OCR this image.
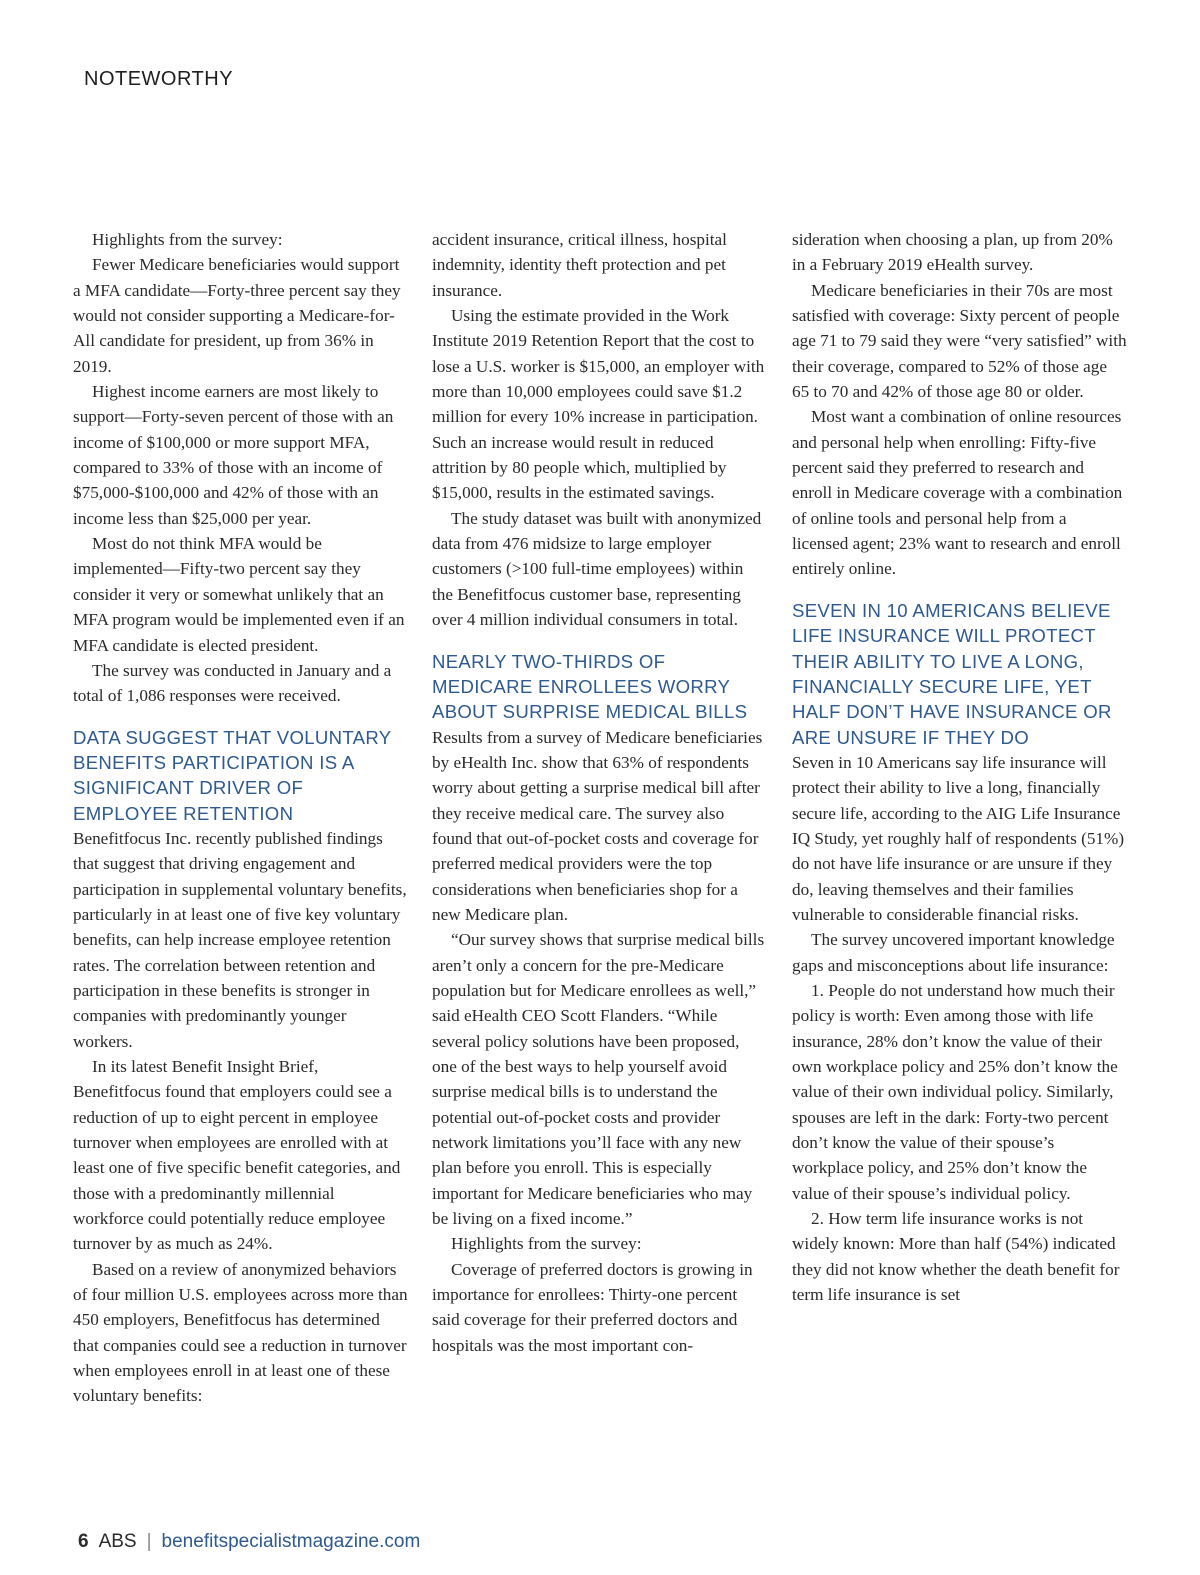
NOTEWORTHY

Highlights from the survey:

Fewer Medicare beneficiaries would support a MFA candidate—Forty-three percent say they would not consider supporting a Medicare-for-All candidate for president, up from 36% in 2019.

Highest income earners are most likely to support—Forty-seven percent of those with an income of $100,000 or more support MFA, compared to 33% of those with an income of $75,000-$100,000 and 42% of those with an income less than $25,000 per year.

Most do not think MFA would be implemented—Fifty-two percent say they consider it very or somewhat unlikely that an MFA program would be implemented even if an MFA candidate is elected president.

The survey was conducted in January and a total of 1,086 responses were received.

DATA SUGGEST THAT VOLUNTARY BENEFITS PARTICIPATION IS A SIGNIFICANT DRIVER OF EMPLOYEE RETENTION

Benefitfocus Inc. recently published findings that suggest that driving engagement and participation in supplemental voluntary benefits, particularly in at least one of five key voluntary benefits, can help increase employee retention rates. The correlation between retention and participation in these benefits is stronger in companies with predominantly younger workers.

In its latest Benefit Insight Brief, Benefitfocus found that employers could see a reduction of up to eight percent in employee turnover when employees are enrolled with at least one of five specific benefit categories, and those with a predominantly millennial workforce could potentially reduce employee turnover by as much as 24%.

Based on a review of anonymized behaviors of four million U.S. employees across more than 450 employers, Benefitfocus has determined that companies could see a reduction in turnover when employees enroll in at least one of these voluntary benefits:

accident insurance, critical illness, hospital indemnity, identity theft protection and pet insurance.

Using the estimate provided in the Work Institute 2019 Retention Report that the cost to lose a U.S. worker is $15,000, an employer with more than 10,000 employees could save $1.2 million for every 10% increase in participation. Such an increase would result in reduced attrition by 80 people which, multiplied by $15,000, results in the estimated savings.

The study dataset was built with anonymized data from 476 midsize to large employer customers (>100 full-time employees) within the Benefitfocus customer base, representing over 4 million individual consumers in total.

NEARLY TWO-THIRDS OF MEDICARE ENROLLEES WORRY ABOUT SURPRISE MEDICAL BILLS

Results from a survey of Medicare beneficiaries by eHealth Inc. show that 63% of respondents worry about getting a surprise medical bill after they receive medical care. The survey also found that out-of-pocket costs and coverage for preferred medical providers were the top considerations when beneficiaries shop for a new Medicare plan.

“Our survey shows that surprise medical bills aren’t only a concern for the pre-Medicare population but for Medicare enrollees as well,” said eHealth CEO Scott Flanders. “While several policy solutions have been proposed, one of the best ways to help yourself avoid surprise medical bills is to understand the potential out-of-pocket costs and provider network limitations you’ll face with any new plan before you enroll. This is especially important for Medicare beneficiaries who may be living on a fixed income.”

Highlights from the survey:

Coverage of preferred doctors is growing in importance for enrollees: Thirty-one percent said coverage for their preferred doctors and hospitals was the most important con-

sideration when choosing a plan, up from 20% in a February 2019 eHealth survey.

Medicare beneficiaries in their 70s are most satisfied with coverage: Sixty percent of people age 71 to 79 said they were “very satisfied” with their coverage, compared to 52% of those age 65 to 70 and 42% of those age 80 or older.

Most want a combination of online resources and personal help when enrolling: Fifty-five percent said they preferred to research and enroll in Medicare coverage with a combination of online tools and personal help from a licensed agent; 23% want to research and enroll entirely online.

SEVEN IN 10 AMERICANS BELIEVE LIFE INSURANCE WILL PROTECT THEIR ABILITY TO LIVE A LONG, FINANCIALLY SECURE LIFE, YET HALF DON’T HAVE INSURANCE OR ARE UNSURE IF THEY DO

Seven in 10 Americans say life insurance will protect their ability to live a long, financially secure life, according to the AIG Life Insurance IQ Study, yet roughly half of respondents (51%) do not have life insurance or are unsure if they do, leaving themselves and their families vulnerable to considerable financial risks.

The survey uncovered important knowledge gaps and misconceptions about life insurance:

1. People do not understand how much their policy is worth: Even among those with life insurance, 28% don’t know the value of their own workplace policy and 25% don’t know the value of their own individual policy. Similarly, spouses are left in the dark: Forty-two percent don’t know the value of their spouse’s workplace policy, and 25% don’t know the value of their spouse’s individual policy.

2. How term life insurance works is not widely known: More than half (54%) indicated they did not know whether the death benefit for term life insurance is set

6 ABS | benefitspecialistmagazine.com
